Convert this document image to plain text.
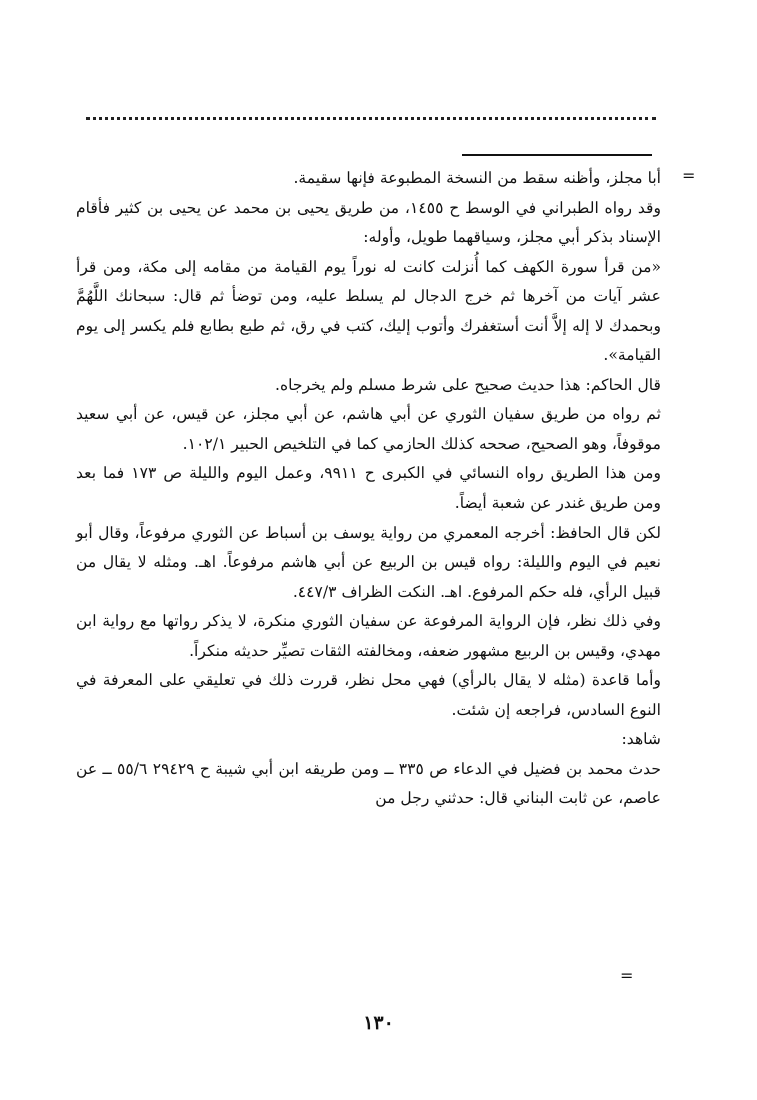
=

أبا مجلز، وأظنه سقط من النسخة المطبوعة فإنها سقيمة.

وقد رواه الطبراني في الوسط ح ١٤٥٥، من طريق يحيى بن محمد عن يحيى بن كثير فأقام الإسناد بذكر أبي مجلز، وسياقهما طويل، وأوله:

«من قرأ سورة الكهف كما أُنزلت كانت له نوراً يوم القيامة من مقامه إلى مكة، ومن قرأ عشر آيات من آخرها ثم خرج الدجال لم يسلط عليه، ومن توضأ ثم قال: سبحانك اللَّهُمَّ وبحمدك لا إله إلاَّ أنت أستغفرك وأتوب إليك، كتب في رق، ثم طبع بطابع فلم يكسر إلى يوم القيامة».

قال الحاكم: هذا حديث صحيح على شرط مسلم ولم يخرجاه.

ثم رواه من طريق سفيان الثوري عن أبي هاشم، عن أبي مجلز، عن قيس، عن أبي سعيد موقوفاً، وهو الصحيح، صححه كذلك الحازمي كما في التلخيص الحبير ١٠٢/١.

ومن هذا الطريق رواه النسائي في الكبرى ح ٩٩١١، وعمل اليوم والليلة ص ١٧٣ فما بعد ومن طريق غندر عن شعبة أيضاً.

لكن قال الحافظ: أخرجه المعمري من رواية يوسف بن أسباط عن الثوري مرفوعاً، وقال أبو نعيم في اليوم والليلة: رواه قيس بن الربيع عن أبي هاشم مرفوعاً. اهـ. ومثله لا يقال من قبيل الرأي، فله حكم المرفوع. اهـ. النكت الظراف ٤٤٧/٣.

وفي ذلك نظر، فإن الرواية المرفوعة عن سفيان الثوري منكرة، لا يذكر رواتها مع رواية ابن مهدي، وقيس بن الربيع مشهور ضعفه، ومخالفته الثقات تصيِّر حديثه منكراً.

وأما قاعدة (مثله لا يقال بالرأي) فهي محل نظر، قررت ذلك في تعليقي على المعرفة في النوع السادس، فراجعه إن شئت.

شاهد:

حدث محمد بن فضيل في الدعاء ص ٣٣٥ ــ ومن طريقه ابن أبي شيبة ح ٢٩٤٢٩ ٥٥/٦ ــ عن عاصم، عن ثابت البناني قال: حدثني رجل من

=
١٣٠
